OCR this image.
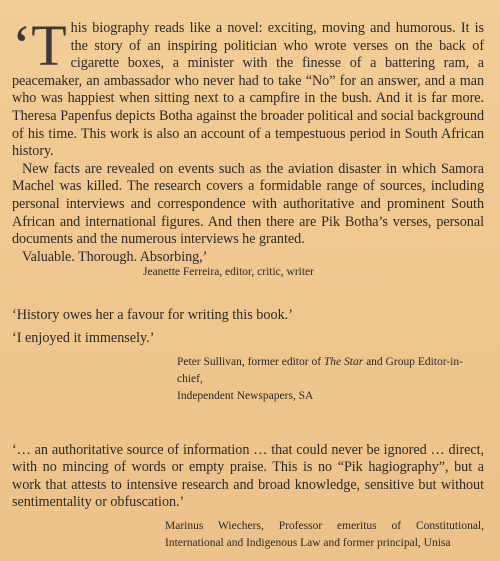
‘This biography reads like a novel: exciting, moving and humorous. It is the story of an inspiring politician who wrote verses on the back of cigarette boxes, a minister with the finesse of a battering ram, a peacemaker, an ambassador who never had to take “No” for an answer, and a man who was happiest when sitting next to a campfire in the bush. And it is far more. Theresa Papenfus depicts Botha against the broader political and social background of his time. This work is also an account of a tempestuous period in South African history.

New facts are revealed on events such as the aviation disaster in which Samora Machel was killed. The research covers a formidable range of sources, including personal interviews and correspondence with authoritative and prominent South African and international figures. And then there are Pik Botha’s verses, personal documents and the numerous interviews he granted.

Valuable. Thorough. Absorbing,’

Jeanette Ferreira, editor, critic, writer

‘History owes her a favour for writing this book.’

‘I enjoyed it immensely.’

Peter Sullivan, former editor of The Star and Group Editor-in-chief,
Independent Newspapers, SA

‘… an authoritative source of information … that could never be ignored … direct, with no mincing of words or empty praise. This is no “Pik hagiography”, but a work that attests to intensive research and broad knowledge, sensitive but without sentimentality or obfuscation.’

Marinus Wiechers, Professor emeritus of Constitutional, International and Indigenous Law and former principal, Unisa
